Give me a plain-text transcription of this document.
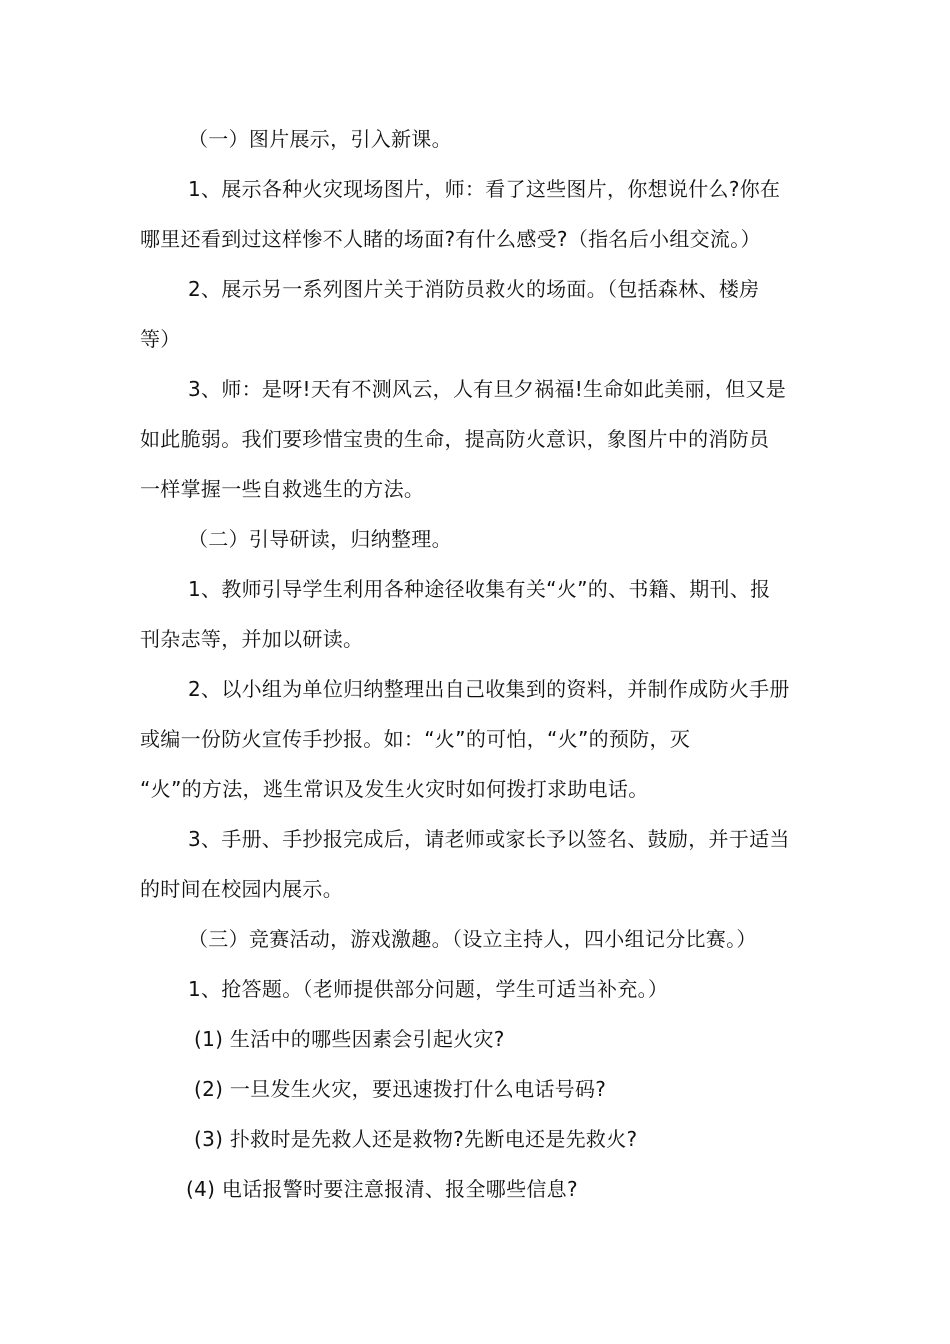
（一）图片展示，引入新课。
1、展示各种火灾现场图片，师：看了这些图片，你想说什么?你在
哪里还看到过这样惨不人睹的场面?有什么感受?（指名后小组交流。）
2、展示另一系列图片关于消防员救火的场面。（包括森林、楼房
等）
3、师：是呀!天有不测风云，人有旦夕祸福!生命如此美丽，但又是
如此脆弱。我们要珍惜宝贵的生命，提高防火意识，象图片中的消防员
一样掌握一些自救逃生的方法。
（二）引导研读，归纳整理。
1、教师引导学生利用各种途径收集有关“火”的、书籍、期刊、报
刊杂志等，并加以研读。
2、以小组为单位归纳整理出自己收集到的资料，并制作成防火手册
或编一份防火宣传手抄报。如：“火”的可怕，“火”的预防，灭
“火”的方法，逃生常识及发生火灾时如何拨打求助电话。
3、手册、手抄报完成后，请老师或家长予以签名、鼓励，并于适当
的时间在校园内展示。
（三）竞赛活动，游戏激趣。（设立主持人，四小组记分比赛。）
1、抢答题。（老师提供部分问题，学生可适当补充。）
(1) 生活中的哪些因素会引起火灾?
(2) 一旦发生火灾，要迅速拨打什么电话号码?
(3) 扑救时是先救人还是救物?先断电还是先救火?
(4) 电话报警时要注意报清、报全哪些信息?
